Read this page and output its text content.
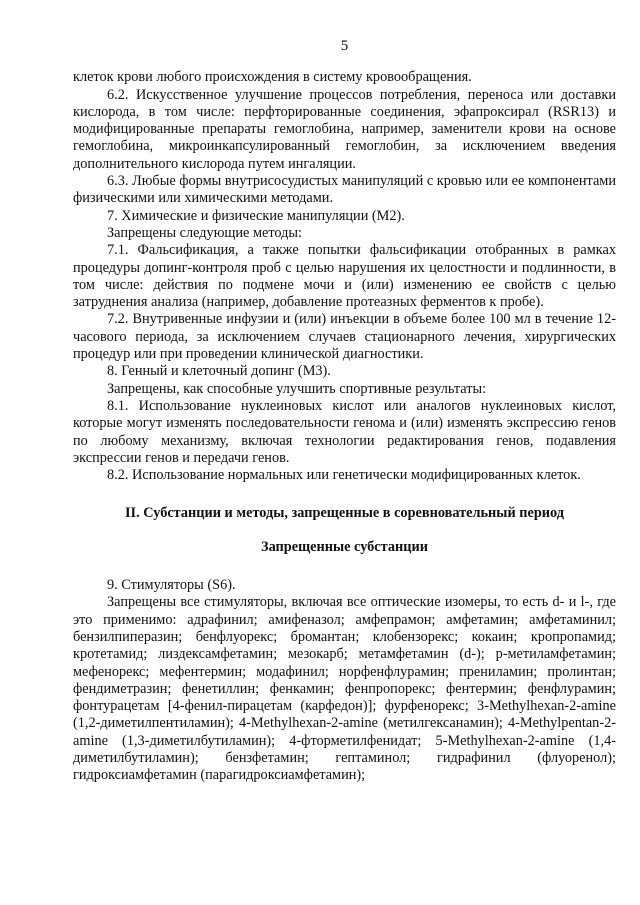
5

клеток крови любого происхождения в систему кровообращения.

6.2. Искусственное улучшение процессов потребления, переноса или доставки кислорода, в том числе: перфторированные соединения, эфапроксирал (RSR13) и модифицированные препараты гемоглобина, например, заменители крови на основе гемоглобина, микроинкапсулированный гемоглобин, за исключением введения дополнительного кислорода путем ингаляции.

6.3. Любые формы внутрисосудистых манипуляций с кровью или ее компонентами физическими или химическими методами.

7. Химические и физические манипуляции (М2).

Запрещены следующие методы:

7.1. Фальсификация, а также попытки фальсификации отобранных в рамках процедуры допинг-контроля проб с целью нарушения их целостности и подлинности, в том числе: действия по подмене мочи и (или) изменению ее свойств с целью затруднения анализа (например, добавление протеазных ферментов к пробе).

7.2. Внутривенные инфузии и (или) инъекции в объеме более 100 мл в течение 12-часового периода, за исключением случаев стационарного лечения, хирургических процедур или при проведении клинической диагностики.

8. Генный и клеточный допинг (М3).

Запрещены, как способные улучшить спортивные результаты:

8.1. Использование нуклеиновых кислот или аналогов нуклеиновых кислот, которые могут изменять последовательности генома и (или) изменять экспрессию генов по любому механизму, включая технологии редактирования генов, подавления экспрессии генов и передачи генов.

8.2. Использование нормальных или генетически модифицированных клеток.

II. Субстанции и методы, запрещенные в соревновательный период
Запрещенные субстанции

9. Стимуляторы (S6).

Запрещены все стимуляторы, включая все оптические изомеры, то есть d- и l-, где это применимо: адрафинил; амифеназол; амфепрамон; амфетамин; амфетаминил; бензилпиперазин; бенфлуорекс; бромантан; клобензорекс; кокаин; кропропамид; кротетамид; лиздексамфетамин; мезокарб; метамфетамин (d-); p-метиламфетамин; мефенорекс; мефентермин; модафинил; норфенфлурамин; прениламин; пролинтан; фендиметразин; фенетиллин; фенкамин; фенпропорекс; фентермин; фенфлурамин; фонтурацетам [4-фенил-пирацетам (карфедон)]; фурфенорекс; 3-Methylhexan-2-amine (1,2-диметилпентиламин); 4-Methylhexan-2-amine (метилгексанамин); 4-Methylpentan-2-amine (1,3-диметилбутиламин); 4-фторметилфенидат; 5-Methylhexan-2-amine (1,4-диметилбутиламин); бензфетамин; гептаминол; гидрафинил (флуоренол); гидроксиамфетамин (парагидроксиамфетамин);
